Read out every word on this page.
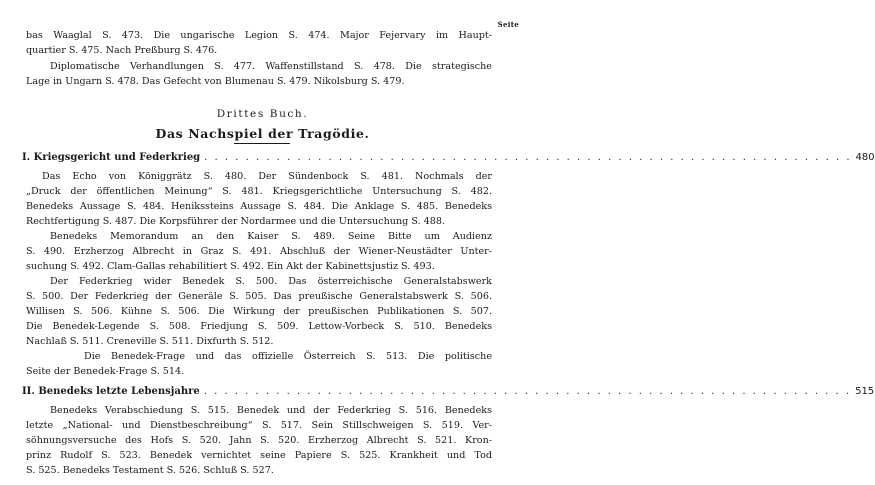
Seite
bas Waaglal S. 473. Die ungarische Legion S. 474. Major Fejervary im Haupt-
quartier S. 475. Nach Preßburg S. 476.
Diplomatische Verhandlungen S. 477. Waffenstillstand S. 478. Die strategische
Lage in Ungarn S. 478. Das Gefecht von Blumenau S. 479. Nikolsburg S. 479.
Drittes Buch.
Das Nachspiel der Tragödie.
I. Kriegsgericht und Federkrieg . . . . . . . . . . . . . . . . . . . . . . . . . . . . . . . . . . . . . . . . . . . . . . . . . . . . . . . . . . . . . . . 480
Das Echo von Königgrätz S. 480. Der Sündenbock S. 481. Nochmals der
„Druck der öffentlichen Meinung“ S. 481. Kriegsgerichtliche Untersuchung S. 482.
Benedeks Aussage S. 484. Henikssteins Aussage S. 484. Die Anklage S. 485. Benedeks
Rechtfertigung S. 487. Die Korpsführer der Nordarmee und die Untersuchung S. 488.
Benedeks Memorandum an den Kaiser S. 489. Seine Bitte um Audienz
S. 490. Erzherzog Albrecht in Graz S. 491. Abschluß der Wiener-Neustädter Unter-
suchung S. 492. Clam-Gallas rehabilitiert S. 492. Ein Akt der Kabinettsjustiz S. 493.
Der Federkrieg wider Benedek S. 500. Das österreichische Generalstabswerk
S. 500. Der Federkrieg der Generäle S. 505. Das preußische Generalstabswerk S. 506.
Willisen S. 506. Kühne S. 506. Die Wirkung der preußischen Publikationen S. 507.
Die Benedek-Legende S. 508. Friedjung S. 509. Lettow-Vorbeck S. 510. Benedeks
Nachlaß S. 511. Creneville S. 511. Dixfurth S. 512.
Die Benedek-Frage und das offizielle Österreich S. 513. Die politische
Seite der Benedek-Frage S. 514.
II. Benedeks letzte Lebensjahre . . . . . . . . . . . . . . . . . . . . . . . . . . . . . . . . . . . . . . . . . . . . . . . . . . . . . . . . . . . . . . . 515
Benedeks Verabschiedung S. 515. Benedek und der Federkrieg S. 516. Benedeks
letzte „National- und Dienstbeschreibung“ S. 517. Sein Stillschweigen S. 519. Ver-
söhnungsversuche des Hofs S. 520. Jahn S. 520. Erzherzog Albrecht S. 521. Kron-
prinz Rudolf S. 523. Benedek vernichtet seine Papiere S. 525. Krankheit und Tod
S. 525. Benedeks Testament S. 526. Schluß S. 527.
